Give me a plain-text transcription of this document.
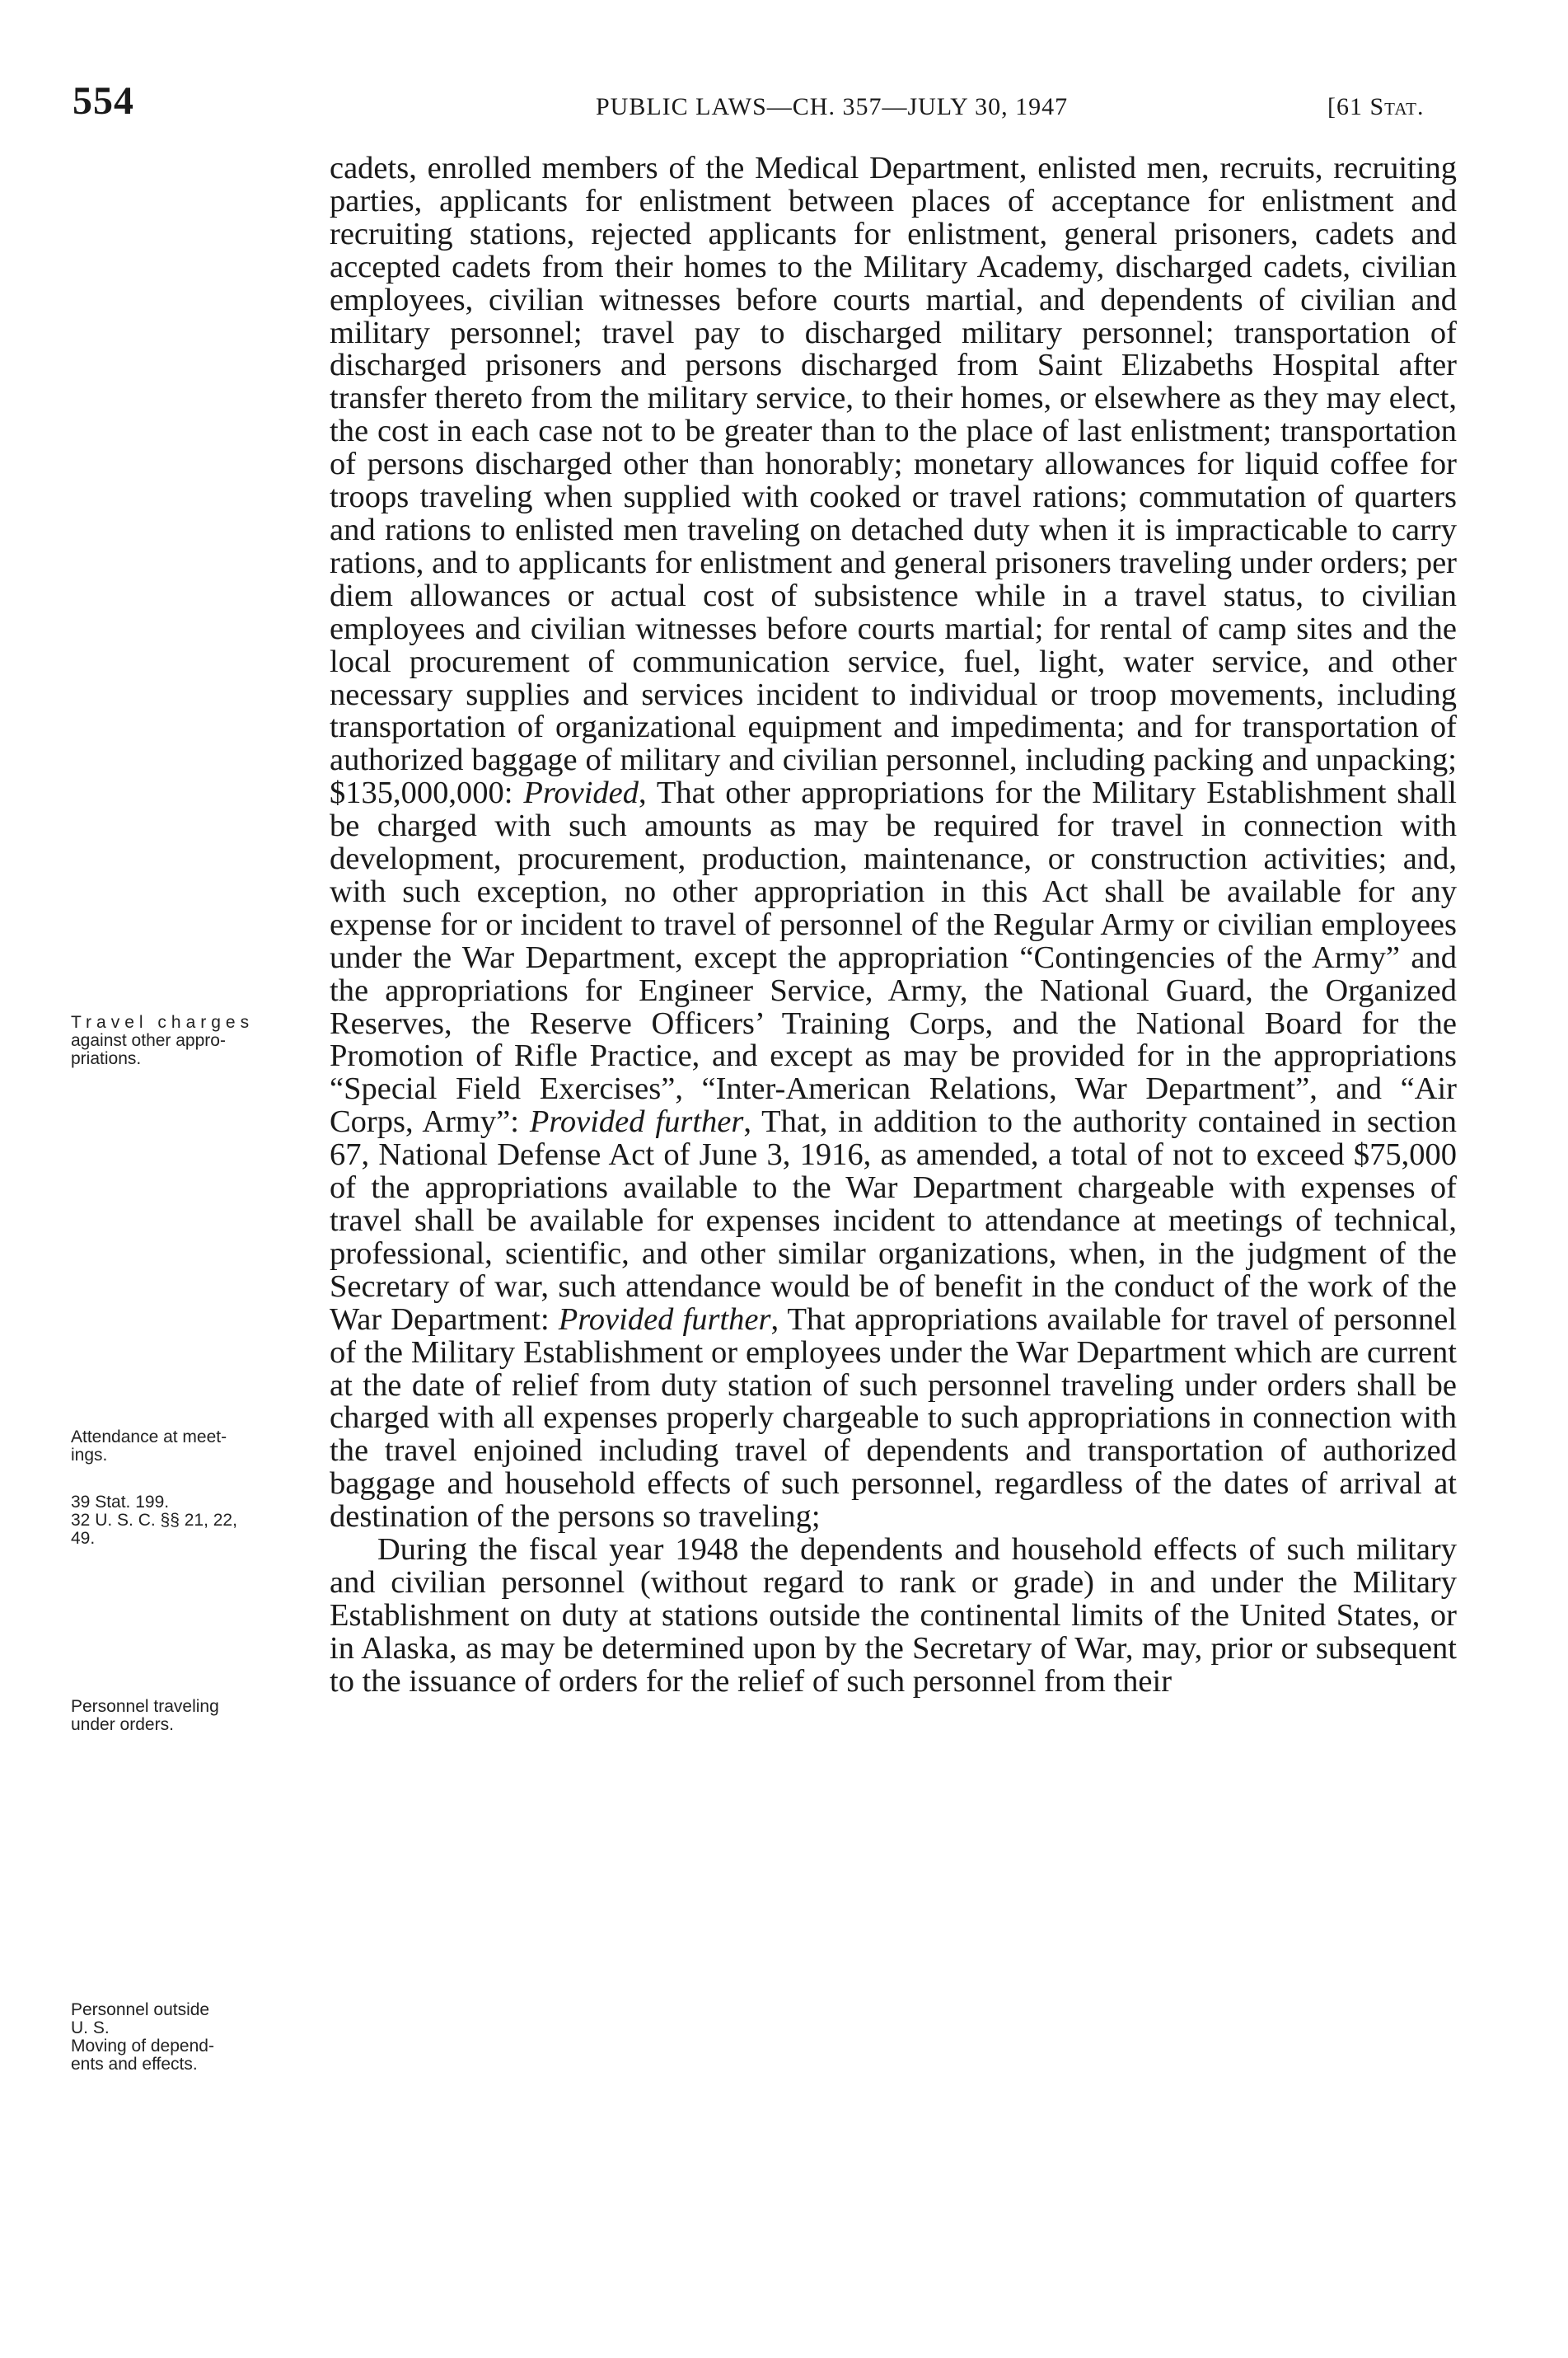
554	PUBLIC LAWS—CH. 357—JULY 30, 1947	[61 Stat.
Travel charges
against other appro-
priations.
Attendance at meet-
ings.
39 Stat. 199.
32 U. S. C. §§ 21, 22,
49.
Personnel traveling
under orders.
Personnel outside
U. S.
Moving of depend-
ents and effects.

cadets, enrolled members of the Medical Department, enlisted men, recruits, recruiting parties, applicants for enlistment between places of acceptance for enlistment and recruiting stations, rejected applicants for enlistment, general prisoners, cadets and accepted cadets from their homes to the Military Academy, discharged cadets, civilian employees, civilian witnesses before courts martial, and dependents of civilian and military personnel; travel pay to discharged military personnel; transportation of discharged prisoners and persons discharged from Saint Elizabeths Hospital after transfer thereto from the military service, to their homes, or elsewhere as they may elect, the cost in each case not to be greater than to the place of last enlistment; transportation of persons discharged other than honorably; monetary allowances for liquid coffee for troops traveling when supplied with cooked or travel rations; commutation of quarters and rations to enlisted men traveling on detached duty when it is impracticable to carry rations, and to applicants for enlistment and general prisoners traveling under orders; per diem allowances or actual cost of subsistence while in a travel status, to civilian employees and civilian witnesses before courts martial; for rental of camp sites and the local procurement of communication service, fuel, light, water service, and other necessary supplies and services incident to individual or troop movements, including transportation of organizational equipment and impedimenta; and for transportation of authorized baggage of military and civilian personnel, including packing and unpacking; $135,000,000: Provided, That other appropriations for the Military Establishment shall be charged with such amounts as may be required for travel in connection with development, procurement, production, maintenance, or construction activities; and, with such exception, no other appropriation in this Act shall be available for any expense for or incident to travel of personnel of the Regular Army or civilian employees under the War Department, except the appropriation “Contingencies of the Army” and the appropriations for Engineer Service, Army, the National Guard, the Organized Reserves, the Reserve Officers’ Training Corps, and the National Board for the Promotion of Rifle Practice, and except as may be provided for in the appropriations “Special Field Exercises”, “Inter-American Relations, War Department”, and “Air Corps, Army”: Provided further, That, in addition to the authority contained in section 67, National Defense Act of June 3, 1916, as amended, a total of not to exceed $75,000 of the appropriations available to the War Department chargeable with expenses of travel shall be available for expenses incident to attendance at meetings of technical, professional, scientific, and other similar organizations, when, in the judgment of the Secretary of war, such attendance would be of benefit in the conduct of the work of the War Department: Provided further, That appropriations available for travel of personnel of the Military Establishment or employees under the War Department which are current at the date of relief from duty station of such personnel traveling under orders shall be charged with all expenses properly chargeable to such appropriations in connection with the travel enjoined including travel of dependents and transportation of authorized baggage and household effects of such personnel, regardless of the dates of arrival at destination of the persons so traveling;

During the fiscal year 1948 the dependents and household effects of such military and civilian personnel (without regard to rank or grade) in and under the Military Establishment on duty at stations outside the continental limits of the United States, or in Alaska, as may be determined upon by the Secretary of War, may, prior or subsequent to the issuance of orders for the relief of such personnel from their
